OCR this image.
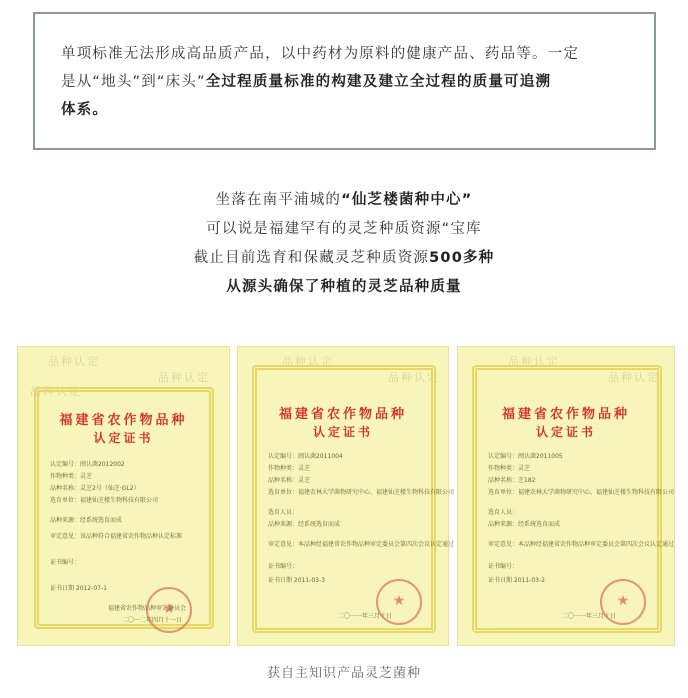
单项标准无法形成高品质产品，以中药材为原料的健康产品、药品等。一定
是从“地头”到“床头”全过程质量标准的构建及建立全过程的质量可追溯
体系。

坐落在南平浦城的“仙芝楼菌种中心”

可以说是福建罕有的灵芝种质资源“宝库

截止目前选育和保藏灵芝种质资源500多种

从源头确保了种植的灵芝品种质量

品种认定
品种认定
品种认定
福建省农作物品种
认定证书
认定编号：闽认菌2012002
作物种类：灵芝
品种名称：灵芝2号（仙芝·GL2）
选育单位：福建仙芝楼生物科技有限公司
品种来源：经系统选育而成
审定意见：该品种符合福建省农作物品种认定标准
证书编号：
证书日期 2012-07-1
福建省农作物品种审定委员会
二〇一二年四月十一日
★
品种认定
品种认定
福建省农作物品种
认定证书
认定编号：闽认菌2011004
作物种类：灵芝
品种名称：灵芝
选育单位：福建农林大学菌物研究中心、福建仙芝楼生物科技有限公司
选育人员：
品种来源：经系统选育而成
审定意见：本品种经福建省农作物品种审定委员会第四次会议认定通过
证书编号：
证书日期 2011-03-3
二〇一一年三月十日
★
品种认定
品种认定
福建省农作物品种
认定证书
认定编号：闽认菌2011005
作物种类：灵芝
品种名称：芝182
选育单位：福建农林大学菌物研究中心、福建仙芝楼生物科技有限公司
选育人员：
品种来源：经系统选育而成
审定意见：本品种经福建省农作物品种审定委员会第四次会议认定通过
证书编号：
证书日期 2011-03-2
二〇一一年三月十日
★
获自主知识产品灵芝菌种
